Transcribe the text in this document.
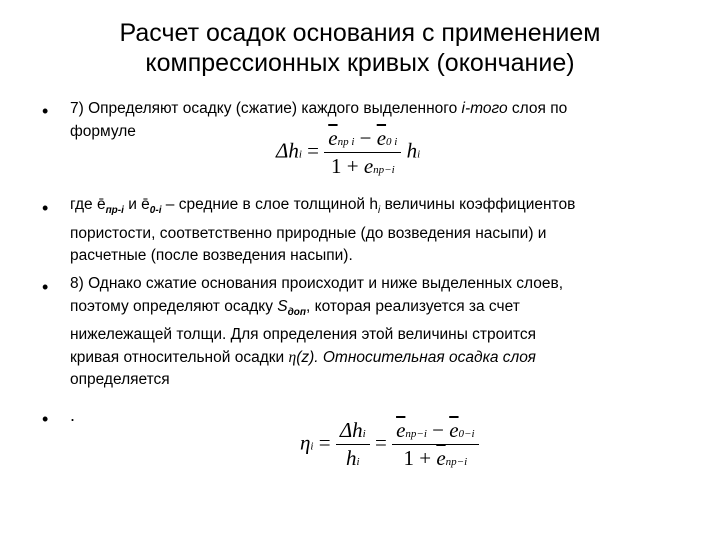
Расчет осадок основания с применением
компрессионных кривых (окончание)
• 7) Определяют осадку (сжатие) каждого выделенного i-того слоя по
формуле
$\Delta hi = \frac{\overline{e}пр i - \overline{e}0 i}{\text{1 + eпр−i}}$ hi
• где $ē_{пр-i}$ и $ē_{0-i}$ – средние в слое толщиной $h_i$ величины коэффициентов
пористости, соответственно природные (до возведения насыпи) и
расчетные (после возведения насыпи).
• 8) Однако сжатие основания происходит и ниже выделенных слоев,
поэтому определяют осадку $S_{доп}$, которая реализуется за счет
нижележащей толщи. Для определения этой величины строится
кривая относительной осадки η(z). Относительная осадка слоя
определяется
• .
$\eta i = \frac{\text{Δhi}}{hi} = \frac{\overline{e}пр-i - \overline{e}0-i}{1 + \overline{e}пр-i}$
